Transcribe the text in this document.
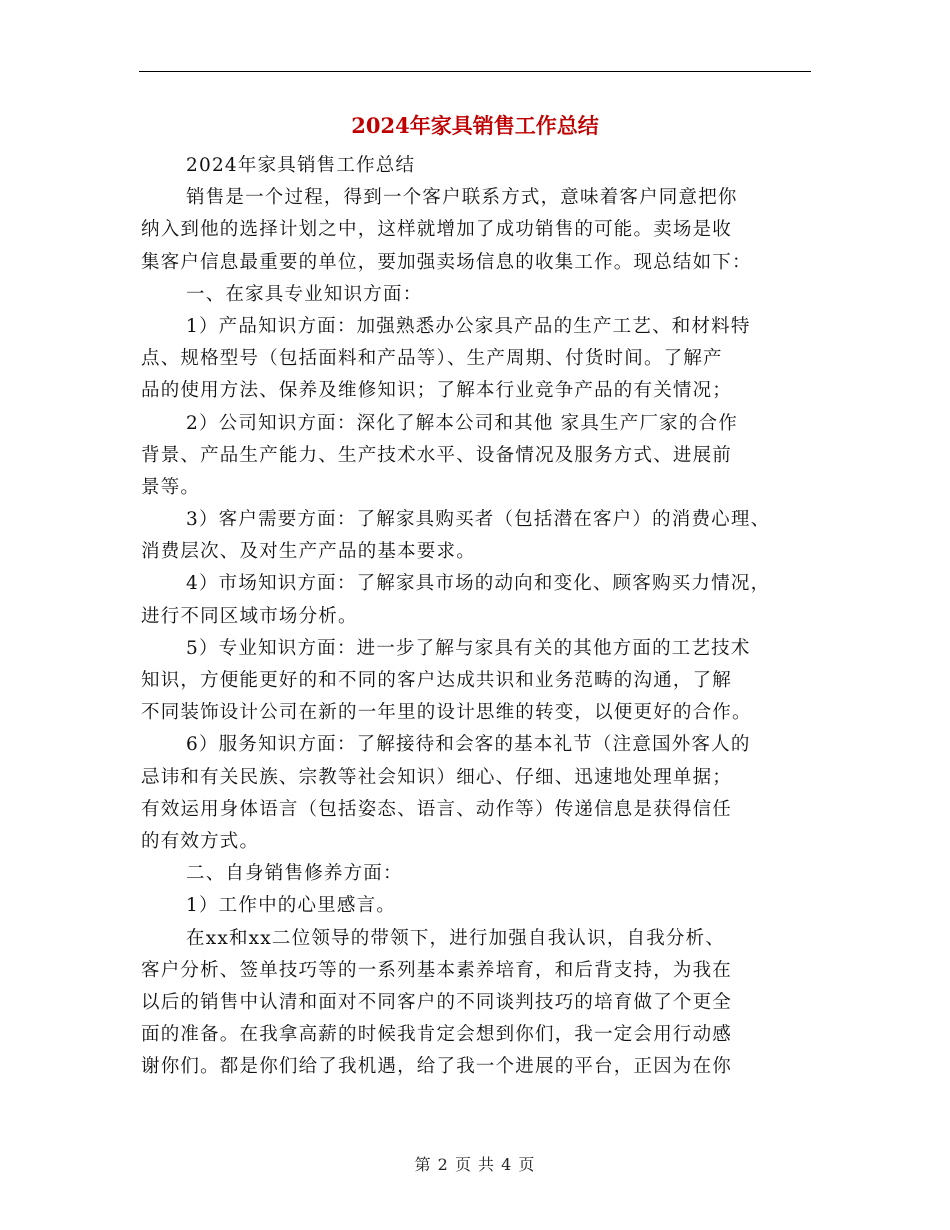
2024年家具销售工作总结
2024年家具销售工作总结
销售是一个过程，得到一个客户联系方式，意味着客户同意把你
纳入到他的选择计划之中，这样就增加了成功销售的可能。卖场是收
集客户信息最重要的单位，要加强卖场信息的收集工作。现总结如下：
一、在家具专业知识方面：
1）产品知识方面：加强熟悉办公家具产品的生产工艺、和材料特
点、规格型号（包括面料和产品等）、生产周期、付货时间。了解产
品的使用方法、保养及维修知识；了解本行业竞争产品的有关情况；
2）公司知识方面：深化了解本公司和其他 家具生产厂家的合作
背景、产品生产能力、生产技术水平、设备情况及服务方式、进展前
景等。
3）客户需要方面：了解家具购买者（包括潜在客户）的消费心理、
消费层次、及对生产产品的基本要求。
4）市场知识方面：了解家具市场的动向和变化、顾客购买力情况，
进行不同区域市场分析。
5）专业知识方面：进一步了解与家具有关的其他方面的工艺技术
知识，方便能更好的和不同的客户达成共识和业务范畴的沟通，了解
不同装饰设计公司在新的一年里的设计思维的转变，以便更好的合作。
6）服务知识方面：了解接待和会客的基本礼节（注意国外客人的
忌讳和有关民族、宗教等社会知识）细心、仔细、迅速地处理单据；
有效运用身体语言（包括姿态、语言、动作等）传递信息是获得信任
的有效方式。
二、自身销售修养方面：
1）工作中的心里感言。
在xx和xx二位领导的带领下，进行加强自我认识，自我分析、
客户分析、签单技巧等的一系列基本素养培育，和后背支持，为我在
以后的销售中认清和面对不同客户的不同谈判技巧的培育做了个更全
面的准备。在我拿高薪的时候我肯定会想到你们，我一定会用行动感
谢你们。都是你们给了我机遇，给了我一个进展的平台，正因为在你
第 2 页 共 4 页
